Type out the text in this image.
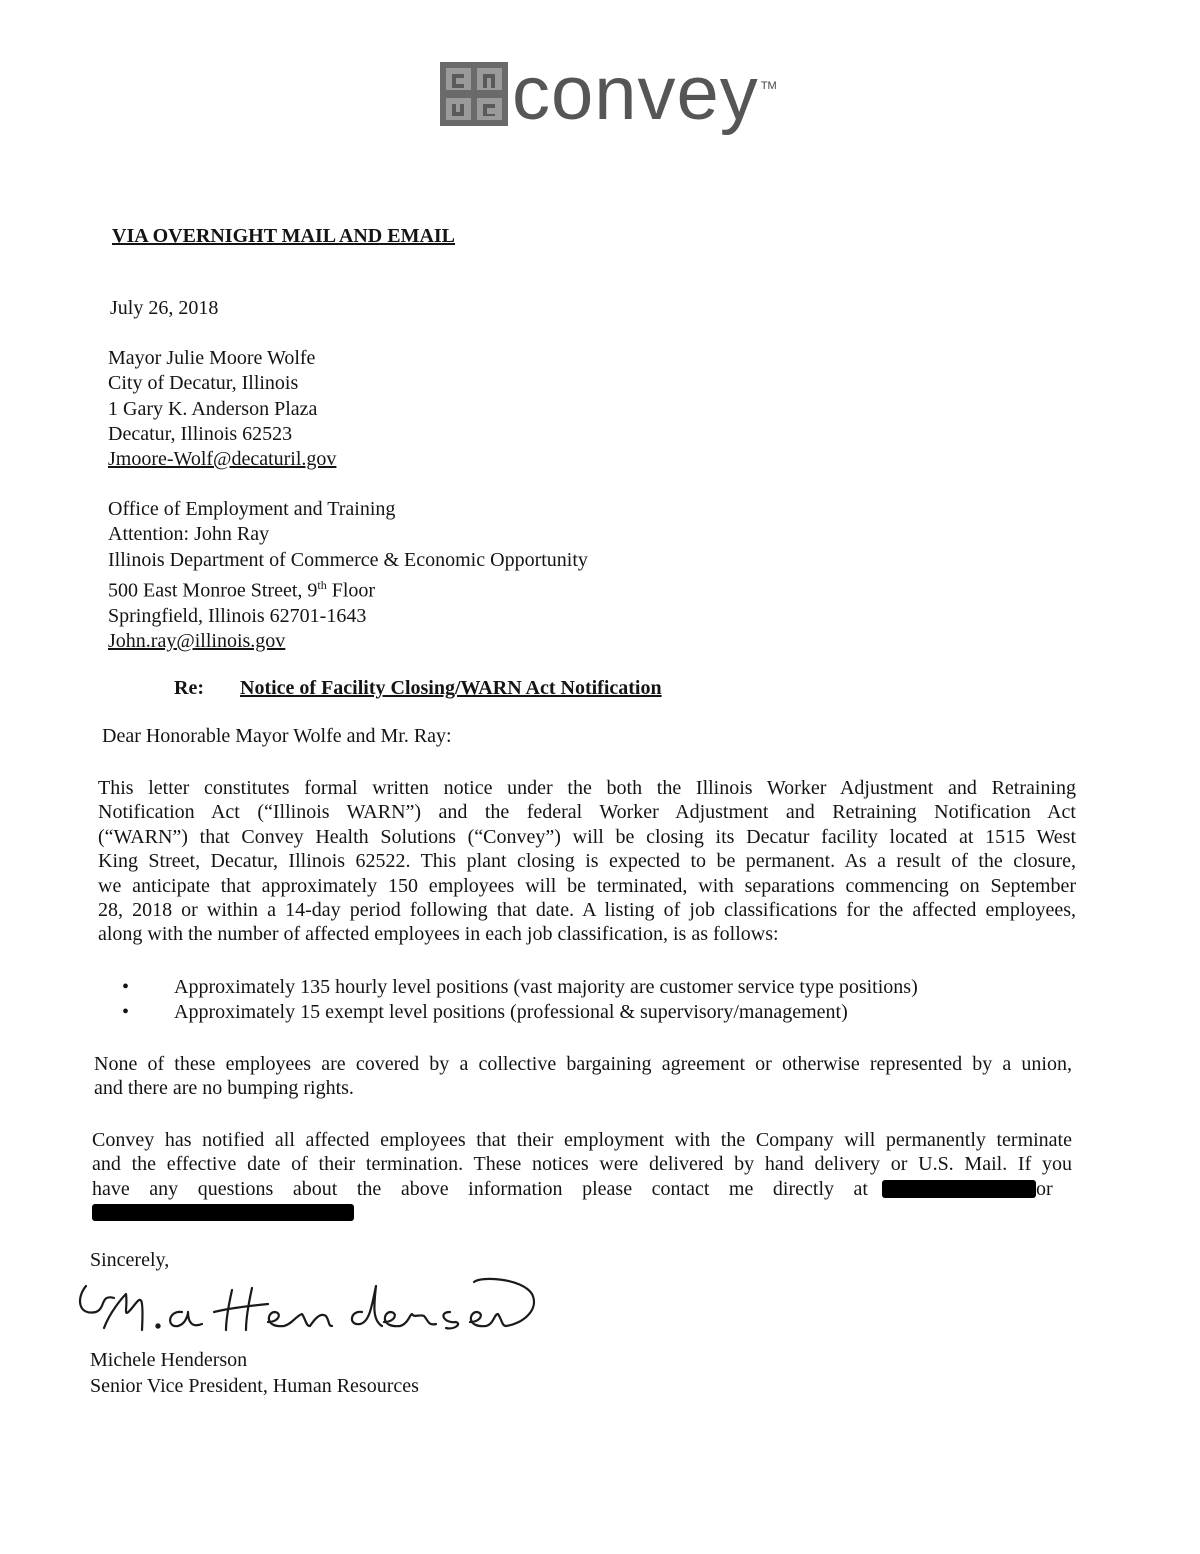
convey TM
VIA OVERNIGHT MAIL AND EMAIL
July 26, 2018
Mayor Julie Moore Wolfe
City of Decatur, Illinois
1 Gary K. Anderson Plaza
Decatur, Illinois 62523
Jmoore-Wolf@decaturil.gov
Office of Employment and Training
Attention: John Ray
Illinois Department of Commerce & Economic Opportunity
500 East Monroe Street, 9th Floor
Springfield, Illinois 62701-1643
John.ray@illinois.gov
Re: Notice of Facility Closing/WARN Act Notification
Dear Honorable Mayor Wolfe and Mr. Ray:
This letter constitutes formal written notice under the both the Illinois Worker Adjustment and Retraining
Notification Act (“Illinois WARN”) and the federal Worker Adjustment and Retraining Notification Act
(“WARN”) that Convey Health Solutions (“Convey”) will be closing its Decatur facility located at 1515 West
King Street, Decatur, Illinois 62522. This plant closing is expected to be permanent. As a result of the closure,
we anticipate that approximately 150 employees will be terminated, with separations commencing on September
28, 2018 or within a 14-day period following that date. A listing of job classifications for the affected employees,
along with the number of affected employees in each job classification, is as follows:
• Approximately 135 hourly level positions (vast majority are customer service type positions)
• Approximately 15 exempt level positions (professional & supervisory/management)
None of these employees are covered by a collective bargaining agreement or otherwise represented by a union,
and there are no bumping rights.
Convey has notified all affected employees that their employment with the Company will permanently terminate
and the effective date of their termination. These notices were delivered by hand delivery or U.S. Mail. If you
have any questions about the above information please contact me directly at	or
Sincerely,
Michele Henderson
Senior Vice President, Human Resources
